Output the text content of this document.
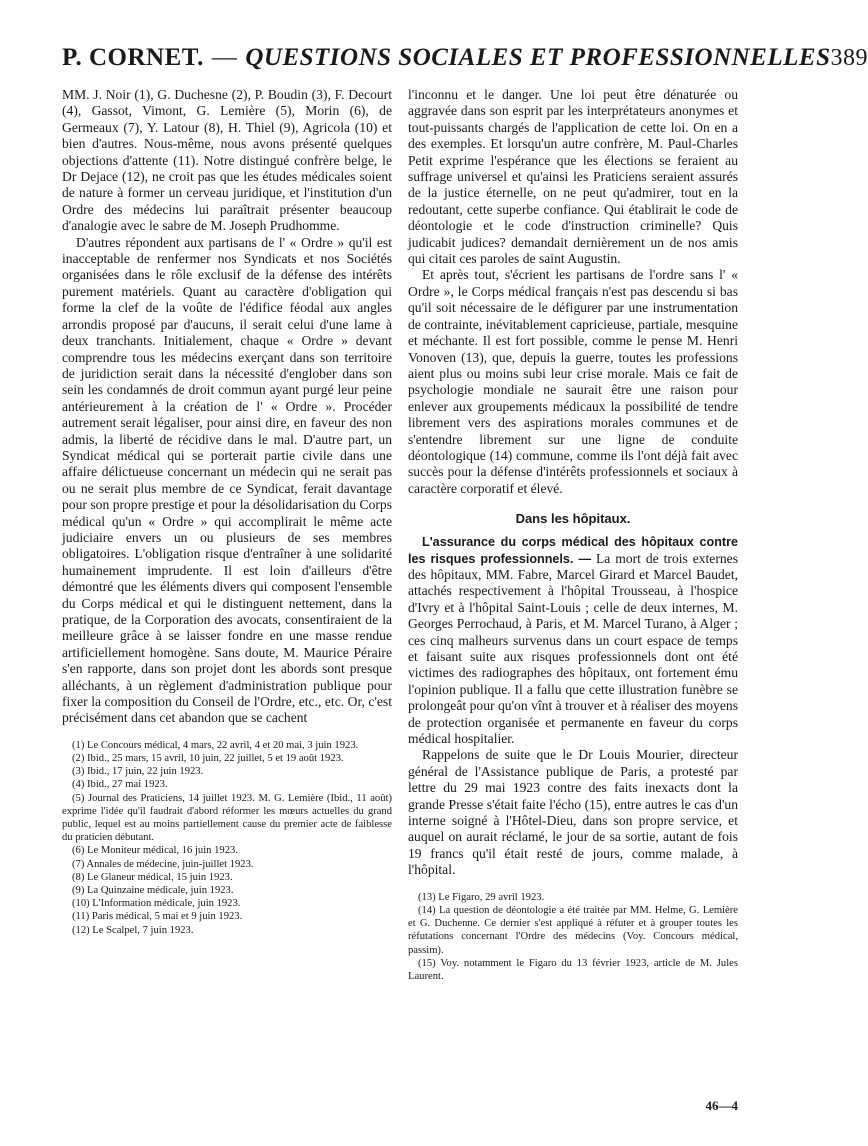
P. CORNET. — QUESTIONS SOCIALES ET PROFESSIONNELLES 389

MM. J. Noir (1), G. Duchesne (2), P. Boudin (3), F. Decourt (4), Gassot, Vimont, G. Lemière (5), Morin (6), de Germeaux (7), Y. Latour (8), H. Thiel (9), Agricola (10) et bien d'autres. Nous-même, nous avons présenté quelques objections d'attente (11). Notre distingué confrère belge, le Dr Dejace (12), ne croit pas que les études médicales soient de nature à former un cerveau juridique, et l'institution d'un Ordre des médecins lui paraîtrait présenter beaucoup d'analogie avec le sabre de M. Joseph Prudhomme.

D'autres répondent aux partisans de l' « Ordre » qu'il est inacceptable de renfermer nos Syndicats et nos Sociétés organisées dans le rôle exclusif de la défense des intérêts purement matériels. Quant au caractère d'obligation qui forme la clef de la voûte de l'édifice féodal aux angles arrondis proposé par d'aucuns, il serait celui d'une lame à deux tranchants. Initialement, chaque « Ordre » devant comprendre tous les médecins exerçant dans son territoire de juridiction serait dans la nécessité d'englober dans son sein les condamnés de droit commun ayant purgé leur peine antérieurement à la création de l' « Ordre ». Procéder autrement serait légaliser, pour ainsi dire, en faveur des non admis, la liberté de récidive dans le mal. D'autre part, un Syndicat médical qui se porterait partie civile dans une affaire délictueuse concernant un médecin qui ne serait pas ou ne serait plus membre de ce Syndicat, ferait davantage pour son propre prestige et pour la désolidarisation du Corps médical qu'un « Ordre » qui accomplirait le même acte judiciaire envers un ou plusieurs de ses membres obligatoires. L'obligation risque d'entraîner à une solidarité humainement imprudente. Il est loin d'ailleurs d'être démontré que les éléments divers qui composent l'ensemble du Corps médical et qui le distinguent nettement, dans la pratique, de la Corporation des avocats, consentiraient de la meilleure grâce à se laisser fondre en une masse rendue artificiellement homogène. Sans doute, M. Maurice Péraire s'en rapporte, dans son projet dont les abords sont presque alléchants, à un règlement d'administration publique pour fixer la composition du Conseil de l'Ordre, etc., etc. Or, c'est précisément dans cet abandon que se cachent

(1) Le Concours médical, 4 mars, 22 avril, 4 et 20 mai, 3 juin 1923.

(2) Ibid., 25 mars, 15 avril, 10 juin, 22 juillet, 5 et 19 août 1923.

(3) Ibid., 17 juin, 22 juin 1923.

(4) Ibid., 27 mai 1923.

(5) Journal des Praticiens, 14 juillet 1923. M. G. Lemière (Ibid., 11 août) exprime l'idée qu'il faudrait d'abord réformer les mœurs actuelles du grand public, lequel est au moins partiellement cause du premier acte de faiblesse du praticien débutant.

(6) Le Moniteur médical, 16 juin 1923.

(7) Annales de médecine, juin-juillet 1923.

(8) Le Glaneur médical, 15 juin 1923.

(9) La Quinzaine médicale, juin 1923.

(10) L'Information médicale, juin 1923.

(11) Paris médical, 5 mai et 9 juin 1923.

(12) Le Scalpel, 7 juin 1923.

l'inconnu et le danger. Une loi peut être dénaturée ou aggravée dans son esprit par les interprétateurs anonymes et tout-puissants chargés de l'application de cette loi. On en a des exemples. Et lorsqu'un autre confrère, M. Paul-Charles Petit exprime l'espérance que les élections se feraient au suffrage universel et qu'ainsi les Praticiens seraient assurés de la justice éternelle, on ne peut qu'admirer, tout en la redoutant, cette superbe confiance. Qui établirait le code de déontologie et le code d'instruction criminelle? Quis judicabit judices? demandait dernièrement un de nos amis qui citait ces paroles de saint Augustin.

Et après tout, s'écrient les partisans de l'ordre sans l' « Ordre », le Corps médical français n'est pas descendu si bas qu'il soit nécessaire de le défigurer par une instrumentation de contrainte, inévitablement capricieuse, partiale, mesquine et méchante. Il est fort possible, comme le pense M. Henri Vonoven (13), que, depuis la guerre, toutes les professions aient plus ou moins subi leur crise morale. Mais ce fait de psychologie mondiale ne saurait être une raison pour enlever aux groupements médicaux la possibilité de tendre librement vers des aspirations morales communes et de s'entendre librement sur une ligne de conduite déontologique (14) commune, comme ils l'ont déjà fait avec succès pour la défense d'intérêts professionnels et sociaux à caractère corporatif et élevé.

Dans les hôpitaux.

L'assurance du corps médical des hôpitaux contre les risques professionnels. — La mort de trois externes des hôpitaux, MM. Fabre, Marcel Girard et Marcel Baudet, attachés respectivement à l'hôpital Trousseau, à l'hospice d'Ivry et à l'hôpital Saint-Louis ; celle de deux internes, M. Georges Perrochaud, à Paris, et M. Marcel Turano, à Alger ; ces cinq malheurs survenus dans un court espace de temps et faisant suite aux risques professionnels dont ont été victimes des radiographes des hôpitaux, ont fortement ému l'opinion publique. Il a fallu que cette illustration funèbre se prolongeât pour qu'on vînt à trouver et à réaliser des moyens de protection organisée et permanente en faveur du corps médical hospitalier.

Rappelons de suite que le Dr Louis Mourier, directeur général de l'Assistance publique de Paris, a protesté par lettre du 29 mai 1923 contre des faits inexacts dont la grande Presse s'était faite l'écho (15), entre autres le cas d'un interne soigné à l'Hôtel-Dieu, dans son propre service, et auquel on aurait réclamé, le jour de sa sortie, autant de fois 19 francs qu'il était resté de jours, comme malade, à l'hôpital.

(13) Le Figaro, 29 avril 1923.

(14) La question de déontologie a été traitée par MM. Helme, G. Lemière et G. Duchenne. Ce dernier s'est appliqué à réfuter et à grouper toutes les réfutations concernant l'Ordre des médecins (Voy. Concours médical, passim).

(15) Voy. notamment le Figaro du 13 février 1923, article de M. Jules Laurent.

46—4
